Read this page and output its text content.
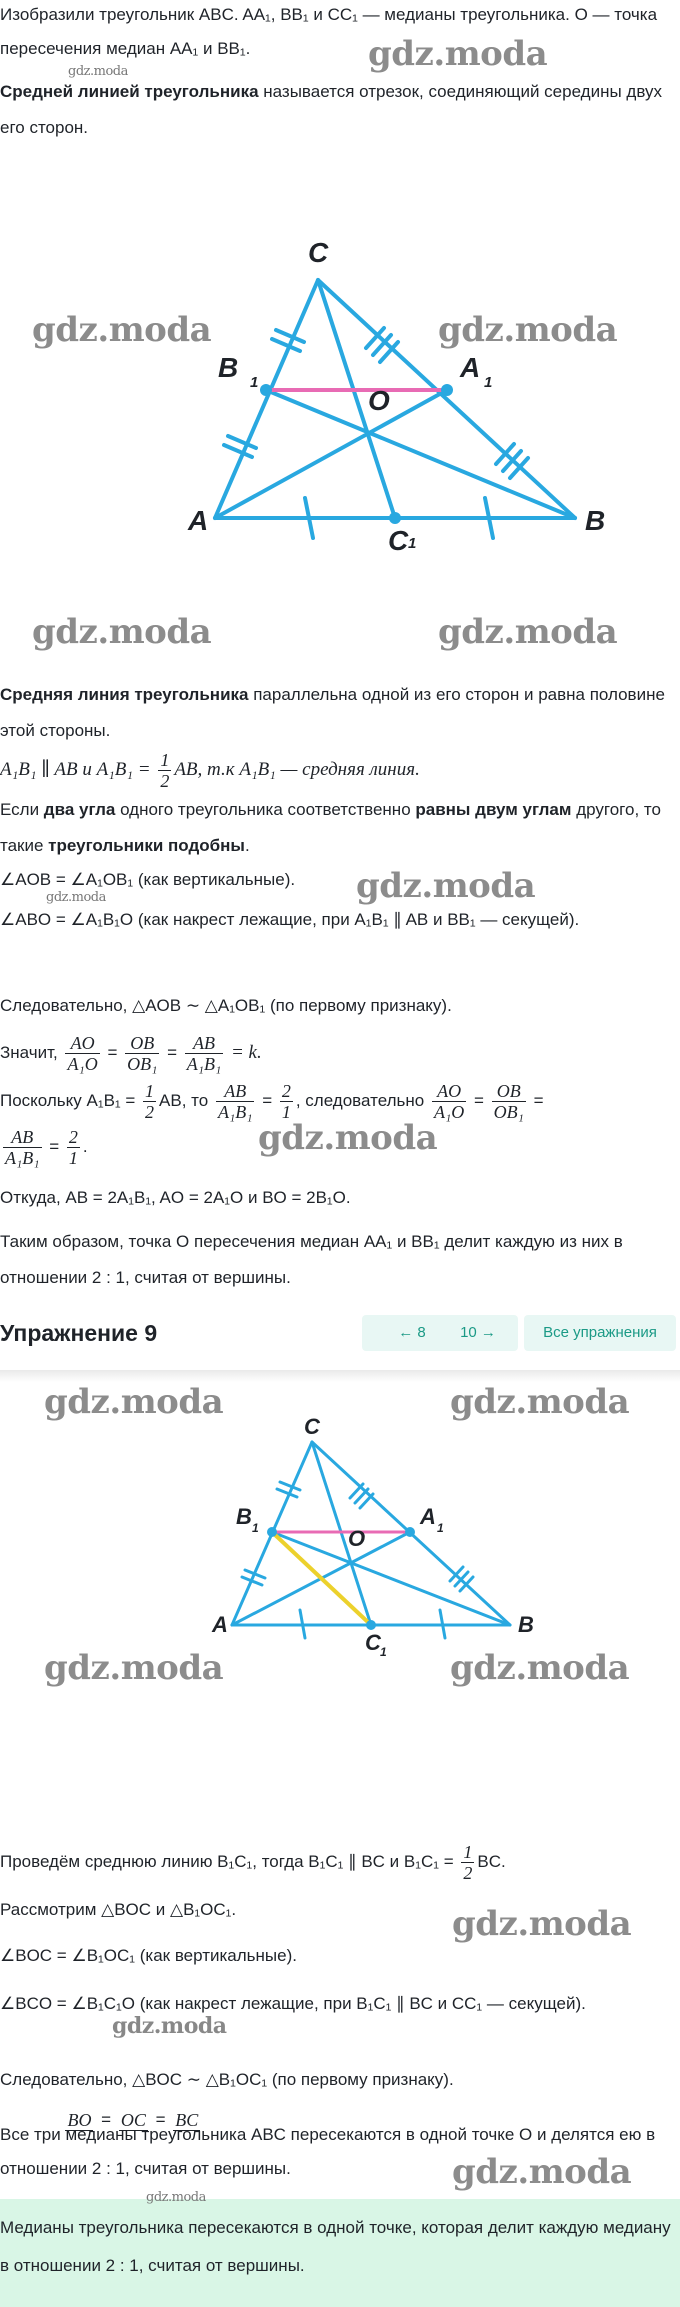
Изобразили треугольник ABC. AA₁, BB₁ и CC₁ — медианы треугольника. O — точка пересечения медиан AA₁ и BB₁.

Средней линией треугольника называется отрезок, соединяющий середины двух его сторон.

gdz.moda
gdz.moda
C
B 1	A 1
O
A	B
C 1
gdz.moda	gdz.moda
gdz.moda	gdz.moda

Средняя линия треугольника параллельна одной из его сторон и равна половине этой стороны.

A₁B₁ ∥ AB и $A_1B_1 = \frac{1}{2}$ AB, т.к A₁B₁ — средняя линия.

Если два угла одного треугольника соответственно равны двум углам другого, то такие треугольники подобны.

∠AOB = ∠A₁OB₁ (как вертикальные).	gdz.moda
gdz.moda

∠ABO = ∠A₁B₁O (как накрест лежащие, при A₁B₁ ∥ AB и BB₁ — секущей).

Следовательно, △AOB ∼ △A₁OB₁ (по первому признаку).

Значит, $\frac{AO}{\text{A₁O}} = \frac{OB}{\text{OB₁}} = \frac{AB}{\text{A₁B₁}} = k$.
Поскольку $A_1B_1 = \frac{1}{2}$ AB, то $\frac{AB}{\text{A₁B₁}} = \frac{2}{1}$ , следовательно $\frac{AO}{\text{A₁O}} = \frac{OB}{\text{OB₁}}$ =
$\frac{AB}{\text{A₁B₁}} = \frac{2}{1}$ .	gdz.moda

Откуда, AB = 2A₁B₁, AO = 2A₁O и BO = 2B₁O.

Таким образом, точка O пересечения медиан AA₁ и BB₁ делит каждую из них в отношении 2 : 1, считая от вершины.

Упражнение 9	← 8	10 →	Все упражнения
C
B 1	A 1
O
A	B
C 1
gdz.moda	gdz.moda
gdz.moda	gdz.moda
Проведём среднюю линию B₁C₁, тогда B₁C₁ ∥ BC и $B_1C_1 = \frac{1}{2}$ BC.

Рассмотрим △BOC и △B₁OC₁.	gdz.moda

∠BOC = ∠B₁OC₁ (как вертикальные).

∠BCO = ∠B₁C₁O (как накрест лежащие, при B₁C₁ ∥ BC и CC₁ — секущей).

gdz.moda

Следовательно, △BOC ∼ △B₁OC₁ (по первому признаку).

BO = OC = BC

Все три медианы треугольника ABC пересекаются в одной точке O и делятся ею в отношении 2 : 1, считая от вершины.	gdz.moda

Медианы треугольника пересекаются в одной точке, которая делит каждую медиану в отношении 2 : 1, считая от вершины.

gdz.moda
